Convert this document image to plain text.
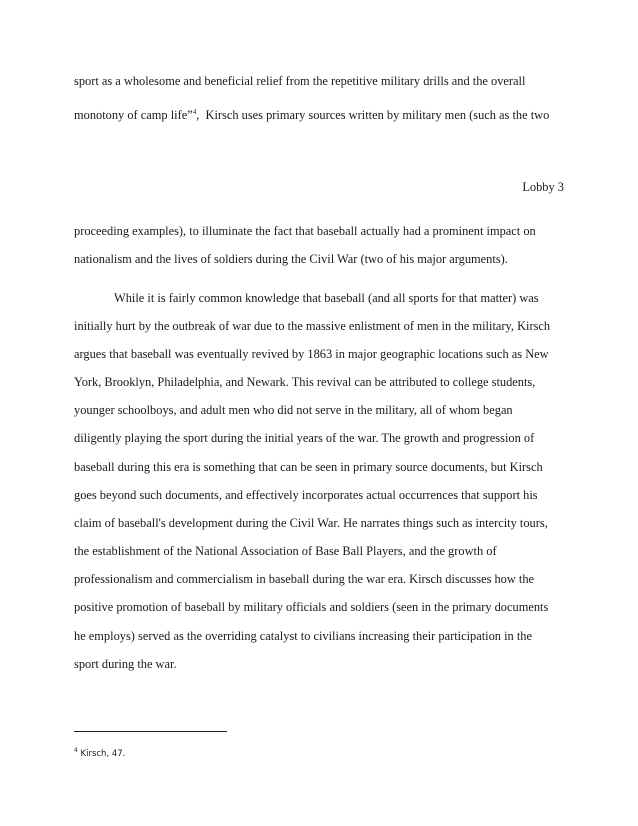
sport as a wholesome and beneficial relief from the repetitive military drills and the overall
monotony of camp life”$^4$,  Kirsch uses primary sources written by military men (such as the two
Lobby 3
proceeding examples), to illuminate the fact that baseball actually had a prominent impact on
nationalism and the lives of soldiers during the Civil War (two of his major arguments).
While it is fairly common knowledge that baseball (and all sports for that matter) was
initially hurt by the outbreak of war due to the massive enlistment of men in the military, Kirsch
argues that baseball was eventually revived by 1863 in major geographic locations such as New
York, Brooklyn, Philadelphia, and Newark. This revival can be attributed to college students,
younger schoolboys, and adult men who did not serve in the military, all of whom began
diligently playing the sport during the initial years of the war. The growth and progression of
baseball during this era is something that can be seen in primary source documents, but Kirsch
goes beyond such documents, and effectively incorporates actual occurrences that support his
claim of baseball's development during the Civil War. He narrates things such as intercity tours,
the establishment of the National Association of Base Ball Players, and the growth of
professionalism and commercialism in baseball during the war era. Kirsch discusses how the
positive promotion of baseball by military officials and soldiers (seen in the primary documents
he employs) served as the overriding catalyst to civilians increasing their participation in the
sport during the war.
$^4$ Kirsch, 47.
